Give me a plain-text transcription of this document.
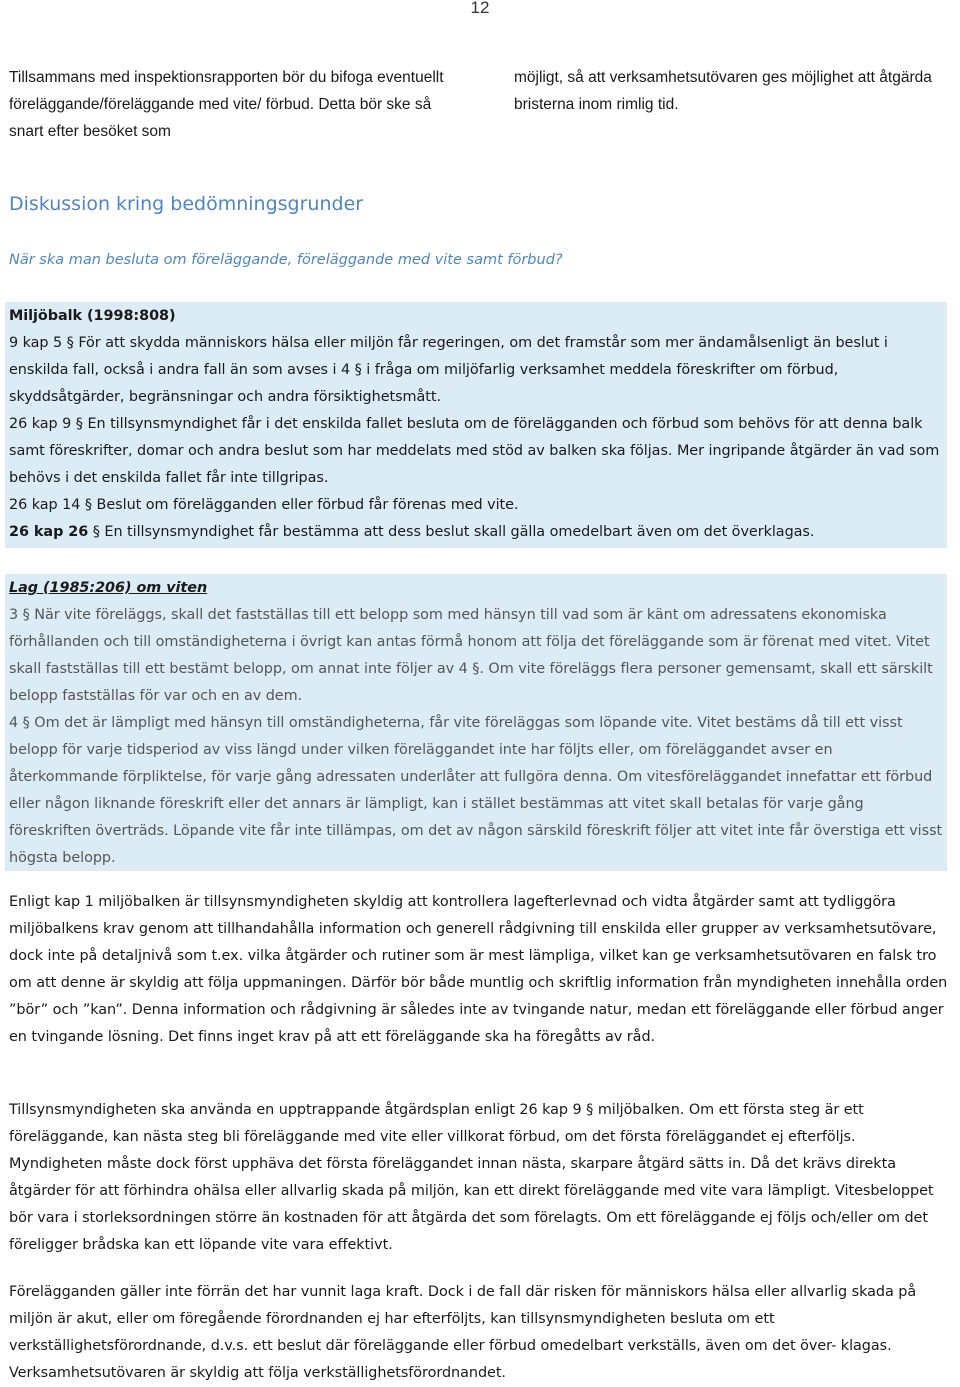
12
Tillsammans med inspektionsrapporten bör du bifoga eventuellt föreläggande/föreläggande med vite/ förbud. Detta bör ske så snart efter besöket som
möjligt, så att verksamhetsutövaren ges möjlighet att åtgärda bristerna inom rimlig tid.
Diskussion kring bedömningsgrunder

När ska man besluta om föreläggande, föreläggande med vite samt förbud?

Miljöbalk (1998:808)

9 kap 5 § För att skydda människors hälsa eller miljön får regeringen, om det framstår som mer ändamålsenligt än beslut i enskilda fall, också i andra fall än som avses i 4 § i fråga om miljöfarlig verksamhet meddela föreskrifter om förbud, skyddsåtgärder, begränsningar och andra försiktighetsmått.

26 kap 9 § En tillsynsmyndighet får i det enskilda fallet besluta om de förelägganden och förbud som behövs för att denna balk samt föreskrifter, domar och andra beslut som har meddelats med stöd av balken ska följas. Mer ingripande åtgärder än vad som behövs i det enskilda fallet får inte tillgripas.

26 kap 14 § Beslut om förelägganden eller förbud får förenas med vite.

26 kap 26 § En tillsynsmyndighet får bestämma att dess beslut skall gälla omedelbart även om det överklagas.

Lag (1985:206) om viten

3 § När vite föreläggs, skall det fastställas till ett belopp som med hänsyn till vad som är känt om adressatens ekonomiska förhållanden och till omständigheterna i övrigt kan antas förmå honom att följa det föreläggande som är förenat med vitet. Vitet skall fastställas till ett bestämt belopp, om annat inte följer av 4 §. Om vite föreläggs flera personer gemensamt, skall ett särskilt belopp fastställas för var och en av dem.

4 § Om det är lämpligt med hänsyn till omständigheterna, får vite föreläggas som löpande vite. Vitet bestäms då till ett visst belopp för varje tidsperiod av viss längd under vilken föreläggandet inte har följts eller, om föreläggandet avser en återkommande förpliktelse, för varje gång adressaten underlåter att fullgöra denna. Om vitesföreläggandet innefattar ett förbud eller någon liknande föreskrift eller det annars är lämpligt, kan i stället bestämmas att vitet skall betalas för varje gång föreskriften överträds. Löpande vite får inte tillämpas, om det av någon särskild föreskrift följer att vitet inte får överstiga ett visst högsta belopp.

Enligt kap 1 miljöbalken är tillsynsmyndigheten skyldig att kontrollera lagefterlevnad och vidta åtgärder samt att tydliggöra miljöbalkens krav genom att tillhandahålla information och generell rådgivning till enskilda eller grupper av verksamhetsutövare, dock inte på detaljnivå som t.ex. vilka åtgärder och rutiner som är mest lämpliga, vilket kan ge verksamhetsutövaren en falsk tro om att denne är skyldig att följa uppmaningen. Därför bör både muntlig och skriftlig information från myndigheten innehålla orden ”bör” och ”kan”. Denna information och rådgivning är således inte av tvingande natur, medan ett föreläggande eller förbud anger en tvingande lösning. Det finns inget krav på att ett föreläggande ska ha föregåtts av råd.

Tillsynsmyndigheten ska använda en upptrappande åtgärdsplan enligt 26 kap 9 § miljöbalken. Om ett första steg är ett föreläggande, kan nästa steg bli föreläggande med vite eller villkorat förbud, om det första föreläggandet ej efterföljs. Myndigheten måste dock först upphäva det första föreläggandet innan nästa, skarpare åtgärd sätts in. Då det krävs direkta åtgärder för att förhindra ohälsa eller allvarlig skada på miljön, kan ett direkt föreläggande med vite vara lämpligt. Vitesbeloppet bör vara i storleksordningen större än kostnaden för att åtgärda det som förelagts. Om ett föreläggande ej följs och/eller om det föreligger brådska kan ett löpande vite vara effektivt.

Förelägganden gäller inte förrän det har vunnit laga kraft. Dock i de fall där risken för människors hälsa eller allvarlig skada på miljön är akut, eller om föregående förordnanden ej har efterföljts, kan tillsynsmyndigheten besluta om ett verkställighetsförordnande, d.v.s. ett beslut där föreläggande eller förbud omedelbart verkställs, även om det över- klagas. Verksamhetsutövaren är skyldig att följa verkställighetsförordnandet.
